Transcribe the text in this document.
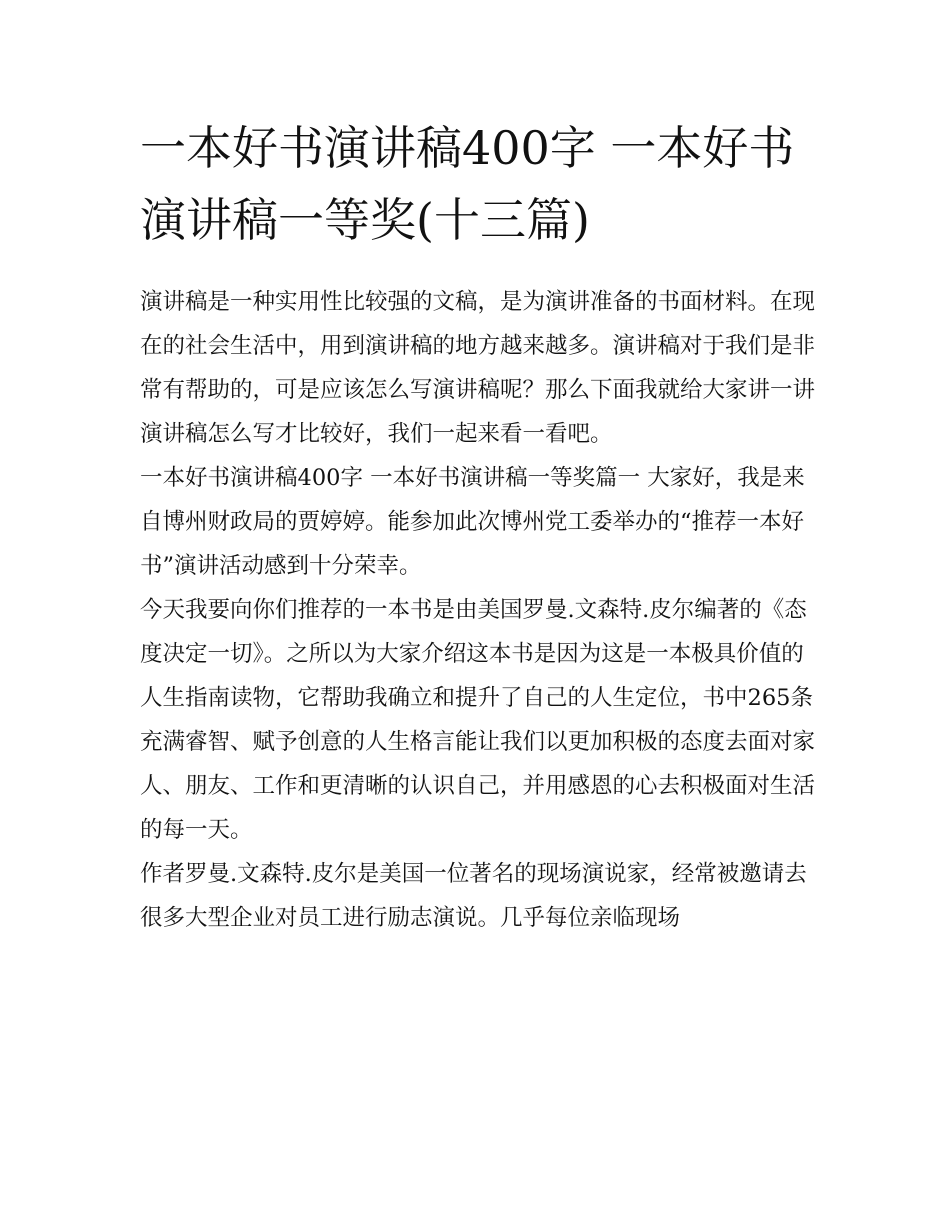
一本好书演讲稿400字 一本好书演讲稿一等奖(十三篇)

演讲稿是一种实用性比较强的文稿，是为演讲准备的书面材料。在现在的社会生活中，用到演讲稿的地方越来越多。演讲稿对于我们是非常有帮助的，可是应该怎么写演讲稿呢？那么下面我就给大家讲一讲演讲稿怎么写才比较好，我们一起来看一看吧。

一本好书演讲稿400字 一本好书演讲稿一等奖篇一 大家好，我是来自博州财政局的贾婷婷。能参加此次博州党工委举办的“推荐一本好书”演讲活动感到十分荣幸。

今天我要向你们推荐的一本书是由美国罗曼.文森特.皮尔编著的《态度决定一切》。之所以为大家介绍这本书是因为这是一本极具价值的人生指南读物，它帮助我确立和提升了自己的人生定位，书中265条充满睿智、赋予创意的人生格言能让我们以更加积极的态度去面对家人、朋友、工作和更清晰的认识自己，并用感恩的心去积极面对生活的每一天。

作者罗曼.文森特.皮尔是美国一位著名的现场演说家，经常被邀请去很多大型企业对员工进行励志演说。几乎每位亲临现场
